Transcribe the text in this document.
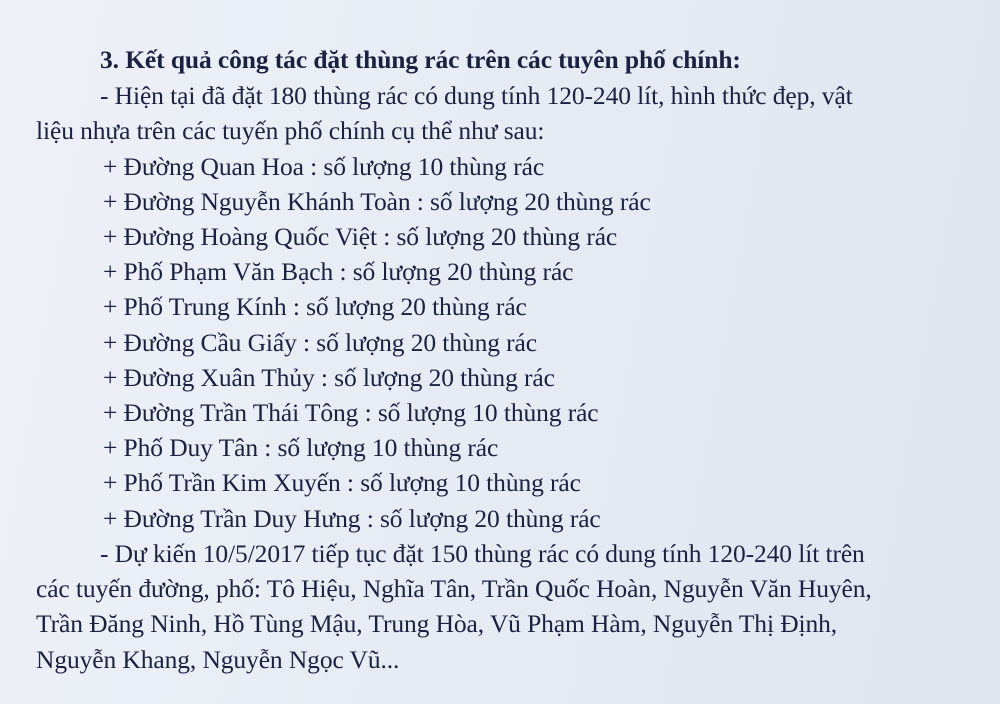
3. Kết quả công tác đặt thùng rác trên các tuyên phố chính:
- Hiện tại đã đặt 180 thùng rác có dung tính 120-240 lít, hình thức đẹp, vật
liệu nhựa trên các tuyến phố chính cụ thể như sau:
+ Đường Quan Hoa : số lượng 10 thùng rác
+ Đường Nguyễn Khánh Toàn : số lượng 20 thùng rác
+ Đường Hoàng Quốc Việt : số lượng 20 thùng rác
+ Phố Phạm Văn Bạch : số lượng 20 thùng rác
+ Phố Trung Kính : số lượng 20 thùng rác
+ Đường Cầu Giấy : số lượng 20 thùng rác
+ Đường Xuân Thủy : số lượng 20 thùng rác
+ Đường Trần Thái Tông : số lượng 10 thùng rác
+ Phố Duy Tân : số lượng 10 thùng rác
+ Phố Trần Kim Xuyến : số lượng 10 thùng rác
+ Đường Trần Duy Hưng : số lượng 20 thùng rác
- Dự kiến 10/5/2017 tiếp tục đặt 150 thùng rác có dung tính 120-240 lít trên
các tuyến đường, phố: Tô Hiệu, Nghĩa Tân, Trần Quốc Hoàn, Nguyễn Văn Huyên,
Trần Đăng Ninh, Hồ Tùng Mậu, Trung Hòa, Vũ Phạm Hàm, Nguyễn Thị Định,
Nguyễn Khang, Nguyễn Ngọc Vũ...
